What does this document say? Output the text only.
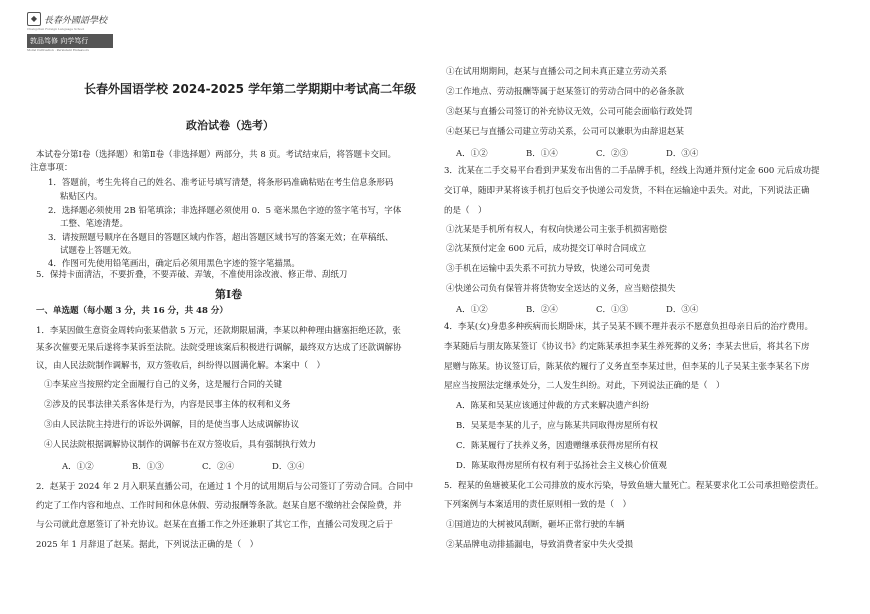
◆ 長春外國語學校
Changchun Foreign Language School
敦品笃修 向学笃行
Moral Cultivation · Persistent Endeavors
长春外国语学校 2024-2025 学年第二学期期中考试高二年级
政治试卷（选考）
本试卷分第Ⅰ卷（选择题）和第Ⅱ卷（非选择题）两部分，共 8 页。考试结束后，将答题卡交回。
注意事项：
1．答题前，考生先将自己的姓名、准考证号填写清楚，将条形码准确粘贴在考生信息条形码
粘贴区内。
2．选择题必须使用 2B 铅笔填涂；非选择题必须使用 0．5 毫米黑色字迹的签字笔书写，字体
工整、笔迹清楚。
3．请按照题号顺序在各题目的答题区域内作答，超出答题区域书写的答案无效；在草稿纸、
试题卷上答题无效。
4．作图可先使用铅笔画出，确定后必须用黑色字迹的签字笔描黑。
5．保持卡面清洁，不要折叠，不要弄破、弄皱，不准使用涂改液、修正带、刮纸刀
第Ⅰ卷
一、单选题（每小题 3 分，共 16 分，共 48 分）
1．李某因做生意资金周转向张某借款 5 万元，还款期限届满，李某以种种理由搪塞拒绝还款，张
某多次催要无果后遂将李某诉至法院。法院受理该案后积极进行调解，最终双方达成了还款调解协
议，由人民法院制作调解书，双方签收后，纠纷得以圆满化解。本案中（　）
①李某应当按照约定全面履行自己的义务，这是履行合同的关键
②涉及的民事法律关系客体是行为，内容是民事主体的权利和义务
③由人民法院主持进行的诉讼外调解，目的是使当事人达成调解协议
④人民法院根据调解协议制作的调解书在双方签收后，具有强制执行效力
A．①②	B．①③	C．②④	D．③④
2．赵某于 2024 年 2 月入职某直播公司，在通过 1 个月的试用期后与公司签订了劳动合同。合同中
约定了工作内容和地点、工作时间和休息休假、劳动报酬等条款。赵某自愿不缴纳社会保险费，并
与公司就此意愿签订了补充协议。赵某在直播工作之外还兼职了其它工作，直播公司发现之后于
2025 年 1 月辞退了赵某。据此，下列说法正确的是（　）
①在试用期期间，赵某与直播公司之间未真正建立劳动关系
②工作地点、劳动报酬等属于赵某签订的劳动合同中的必备条款
③赵某与直播公司签订的补充协议无效，公司可能会面临行政处罚
④赵某已与直播公司建立劳动关系，公司可以兼职为由辞退赵某
A．①②	B．①④	C．②③	D．③④
3．沈某在二手交易平台看到尹某发布出售的二手品牌手机，经线上沟通并预付定金 600 元后成功提
交订单，随即尹某将该手机打包后交予快递公司发货，不料在运输途中丢失。对此，下列说法正确
的是（　）
①沈某是手机所有权人，有权向快递公司主张手机损害赔偿
②沈某预付定金 600 元后，成功提交订单时合同成立
③手机在运输中丢失系不可抗力导致，快递公司可免责
④快递公司负有保管并将货物安全送达的义务，应当赔偿损失
A．①②	B．②④	C．①③	D．③④
4．李某(女)身患多种疾病而长期卧床，其子吴某不顾不理并表示不愿意负担母亲日后的治疗费用。
李某随后与朋友陈某签订《协议书》约定陈某承担李某生养死葬的义务；李某去世后，将其名下房
屋赠与陈某。协议签订后，陈某依约履行了义务直至李某过世，但李某的儿子吴某主张李某名下房
屋应当按照法定继承处分，二人发生纠纷。对此，下列说法正确的是（　）
A．陈某和吴某应该通过仲裁的方式来解决遗产纠纷
B．吴某是李某的儿子，应与陈某共同取得房屋所有权
C．陈某履行了扶养义务，因遗赠继承获得房屋所有权
D．陈某取得房屋所有权有利于弘扬社会主义核心价值观
5．程某的鱼塘被某化工公司排放的废水污染，导致鱼塘大量死亡。程某要求化工公司承担赔偿责任。
下列案例与本案适用的责任原则相一致的是（　）
①国道边的大树被风刮断，砸坏正常行驶的车辆
②某品牌电动排插漏电，导致消费者家中失火受损
